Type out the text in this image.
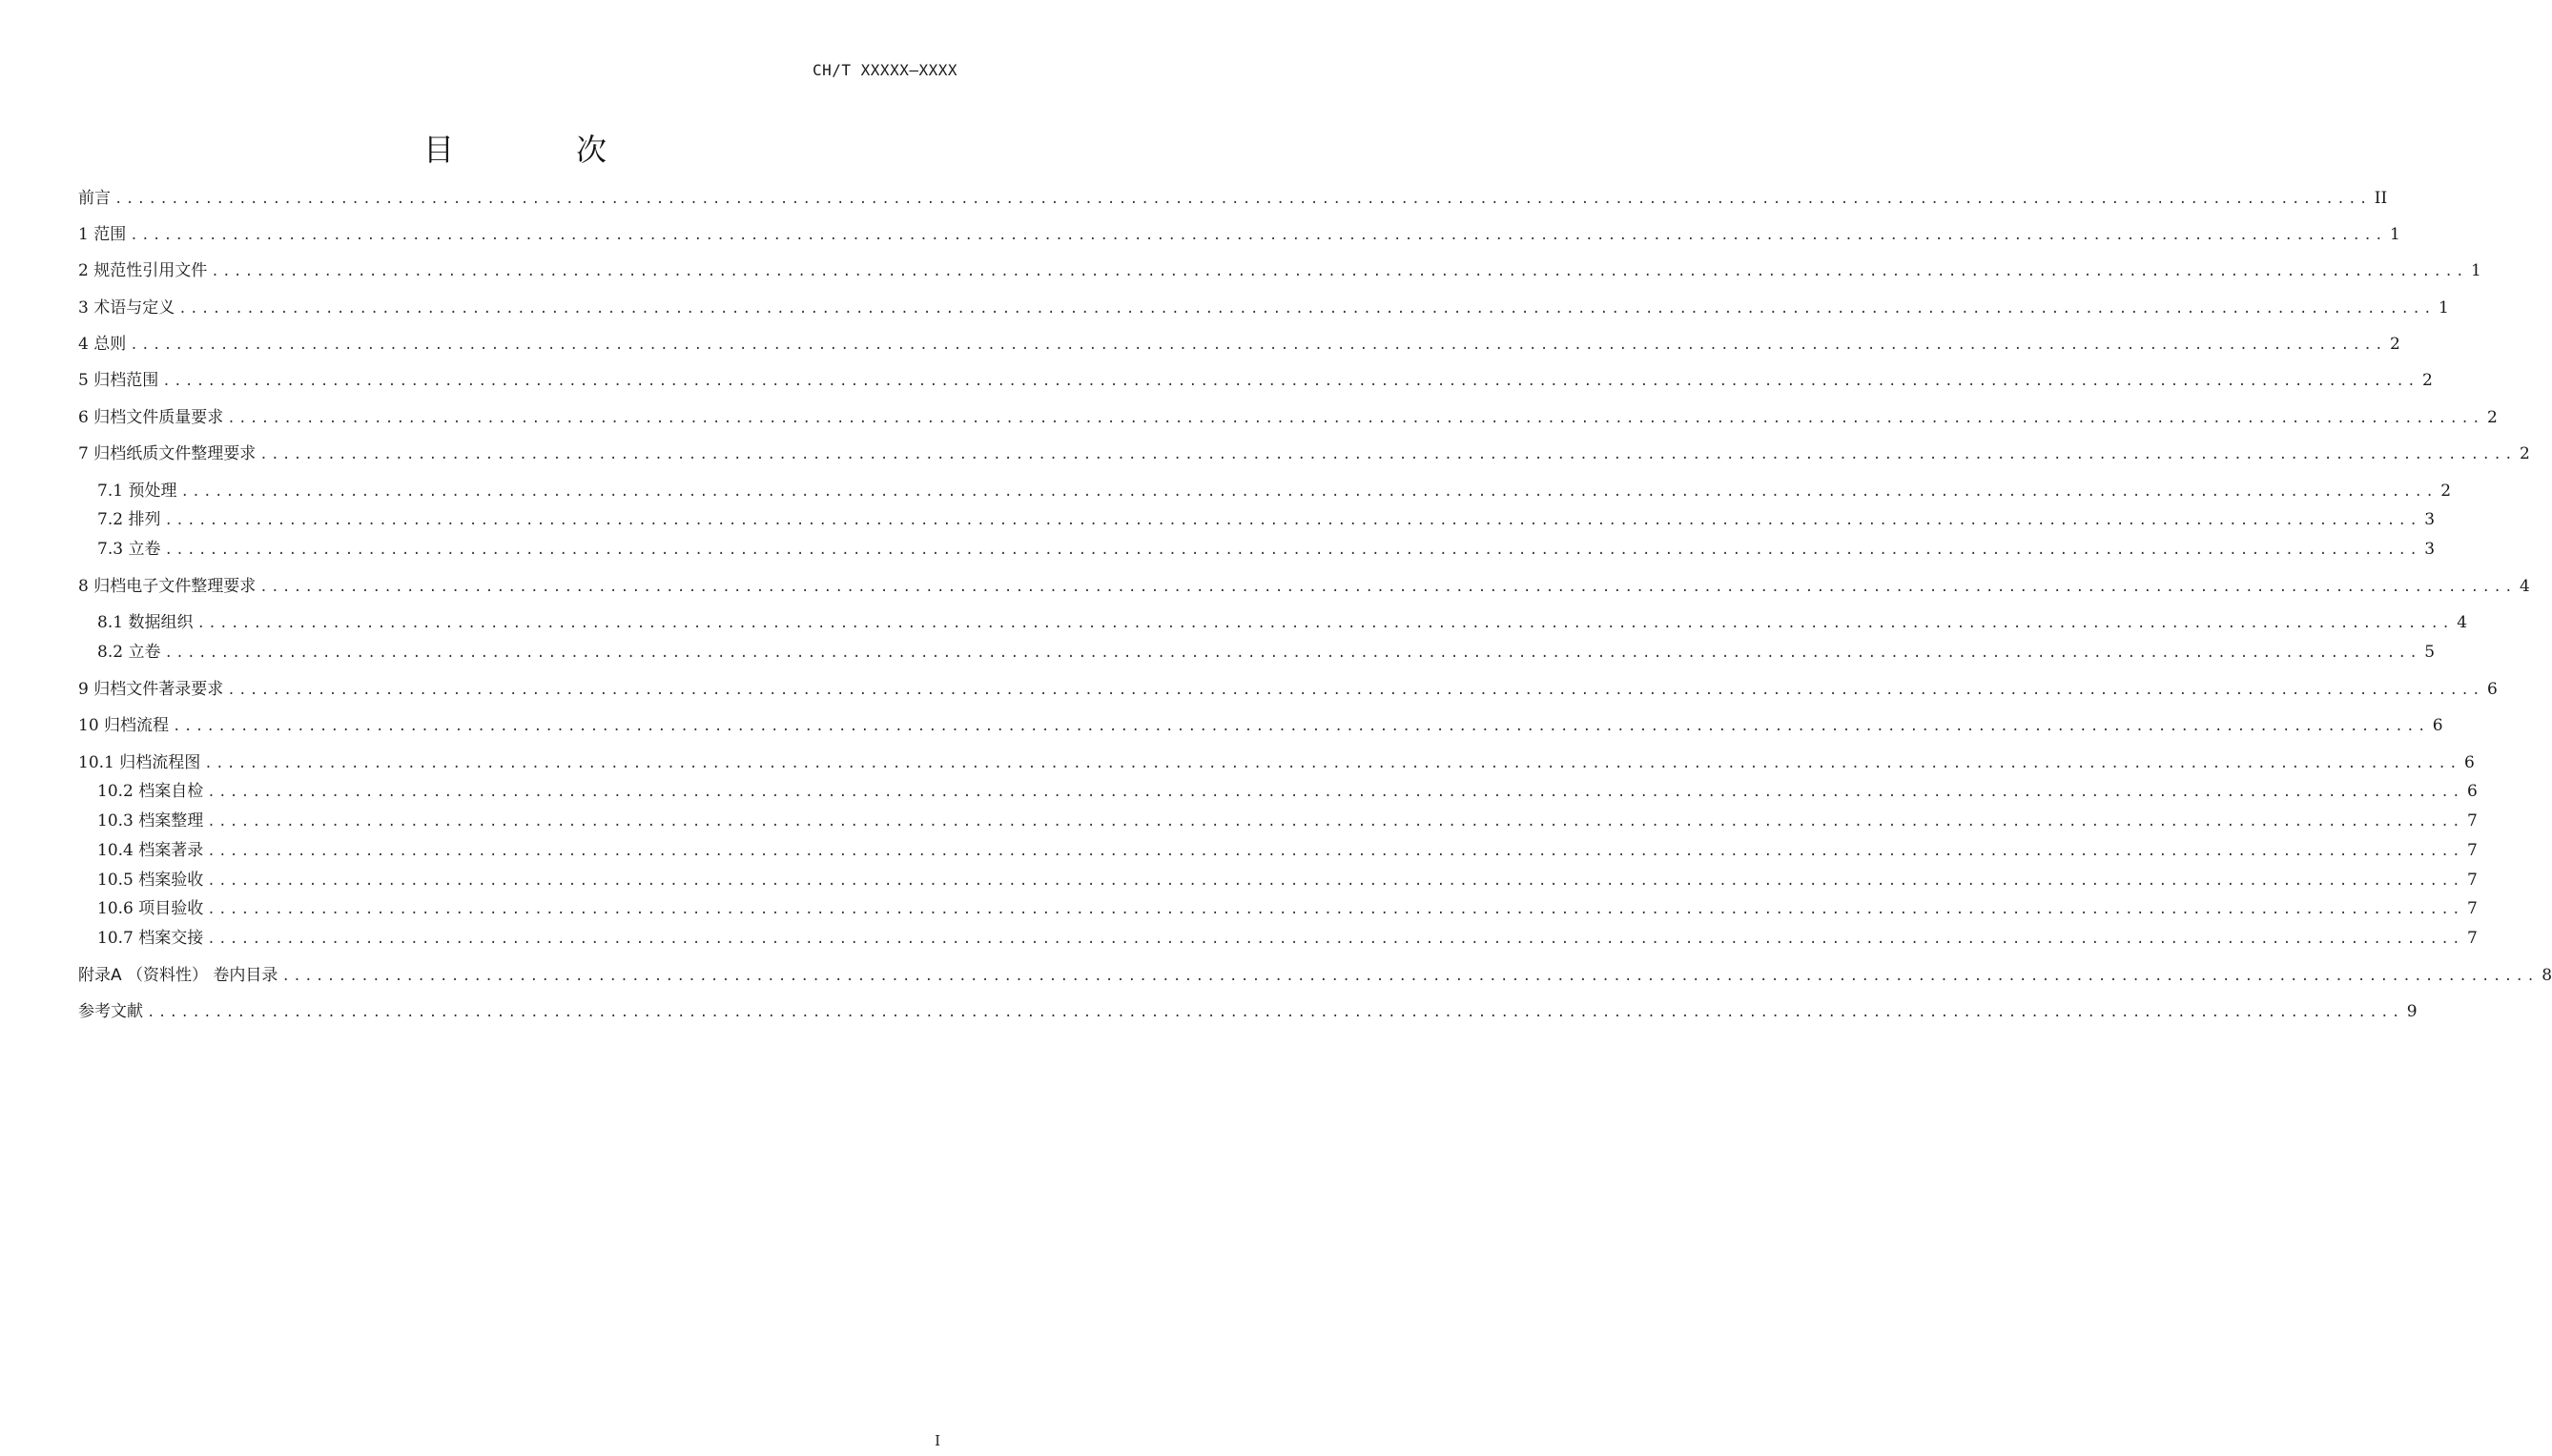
CH/T XXXXX—XXXX
目　次
前言 ........................................................................................................................................................................................................ II
1 范围 ........................................................................................................................................................................................................ 1
2 规范性引用文件 ........................................................................................................................................................................................................ 1
3 术语与定义 ........................................................................................................................................................................................................ 1
4 总则 ........................................................................................................................................................................................................ 2
5 归档范围 ........................................................................................................................................................................................................ 2
6 归档文件质量要求 ........................................................................................................................................................................................................ 2
7 归档纸质文件整理要求 ........................................................................................................................................................................................................ 2
7.1 预处理 ........................................................................................................................................................................................................ 2
7.2 排列 ........................................................................................................................................................................................................ 3
7.3 立卷 ........................................................................................................................................................................................................ 3
8 归档电子文件整理要求 ........................................................................................................................................................................................................ 4
8.1 数据组织 ........................................................................................................................................................................................................ 4
8.2 立卷 ........................................................................................................................................................................................................ 5
9 归档文件著录要求 ........................................................................................................................................................................................................ 6
10 归档流程 ........................................................................................................................................................................................................ 6
10.1 归档流程图 ........................................................................................................................................................................................................ 6
10.2 档案自检 ........................................................................................................................................................................................................ 6
10.3 档案整理 ........................................................................................................................................................................................................ 7
10.4 档案著录 ........................................................................................................................................................................................................ 7
10.5 档案验收 ........................................................................................................................................................................................................ 7
10.6 项目验收 ........................................................................................................................................................................................................ 7
10.7 档案交接 ........................................................................................................................................................................................................ 7
附录A （资料性） 卷内目录 ........................................................................................................................................................................................................ 8
参考文献 ........................................................................................................................................................................................................ 9
I
